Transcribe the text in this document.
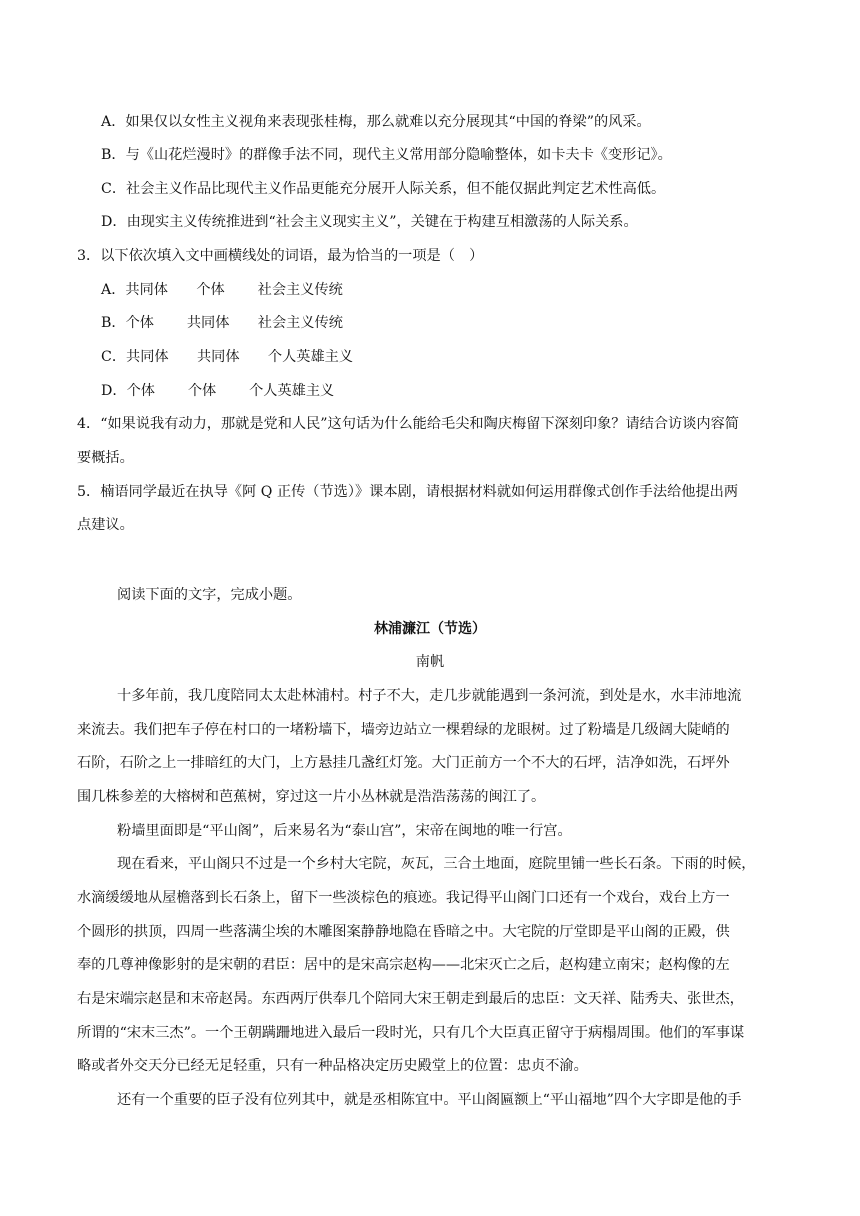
A．如果仅以女性主义视角来表现张桂梅，那么就难以充分展现其“中国的脊梁”的风采。
B．与《山花烂漫时》的群像手法不同，现代主义常用部分隐喻整体，如卡夫卡《变形记》。
C．社会主义作品比现代主义作品更能充分展开人际关系，但不能仅据此判定艺术性高低。
D．由现实主义传统推进到“社会主义现实主义”，关键在于构建互相激荡的人际关系。
3．以下依次填入文中画横线处的词语，最为恰当的一项是（　）
A．共同体　　个体　　 社会主义传统
B．个体　　 共同体　　社会主义传统
C．共同体　　共同体　　个人英雄主义
D．个体　　 个体　　 个人英雄主义
4．“如果说我有动力，那就是党和人民”这句话为什么能给毛尖和陶庆梅留下深刻印象？请结合访谈内容简
要概括。
5．楠语同学最近在执导《阿 Q 正传（节选）》课本剧，请根据材料就如何运用群像式创作手法给他提出两
点建议。
阅读下面的文字，完成小题。
林浦濂江（节选）
南帆
十多年前，我几度陪同太太赴林浦村。村子不大，走几步就能遇到一条河流，到处是水，水丰沛地流
来流去。我们把车子停在村口的一堵粉墙下，墙旁边站立一棵碧绿的龙眼树。过了粉墙是几级阔大陡峭的
石阶，石阶之上一排暗红的大门，上方悬挂几盏红灯笼。大门正前方一个不大的石坪，洁净如洗，石坪外
围几株参差的大榕树和芭蕉树，穿过这一片小丛林就是浩浩荡荡的闽江了。
粉墙里面即是“平山阁”，后来易名为“泰山宫”，宋帝在闽地的唯一行宫。
现在看来，平山阁只不过是一个乡村大宅院，灰瓦，三合土地面，庭院里铺一些长石条。下雨的时候，
水滴缓缓地从屋檐落到长石条上，留下一些淡棕色的痕迹。我记得平山阁门口还有一个戏台，戏台上方一
个圆形的拱顶，四周一些落满尘埃的木雕图案静静地隐在昏暗之中。大宅院的厅堂即是平山阁的正殿，供
奉的几尊神像影射的是宋朝的君臣：居中的是宋高宗赵构——北宋灭亡之后，赵构建立南宋；赵构像的左
右是宋端宗赵昰和末帝赵昺。东西两厅供奉几个陪同大宋王朝走到最后的忠臣：文天祥、陆秀夫、张世杰，
所谓的“宋末三杰”。一个王朝蹒跚地进入最后一段时光，只有几个大臣真正留守于病榻周围。他们的军事谋
略或者外交天分已经无足轻重，只有一种品格决定历史殿堂上的位置：忠贞不渝。
还有一个重要的臣子没有位列其中，就是丞相陈宜中。平山阁匾额上“平山福地”四个大字即是他的手
